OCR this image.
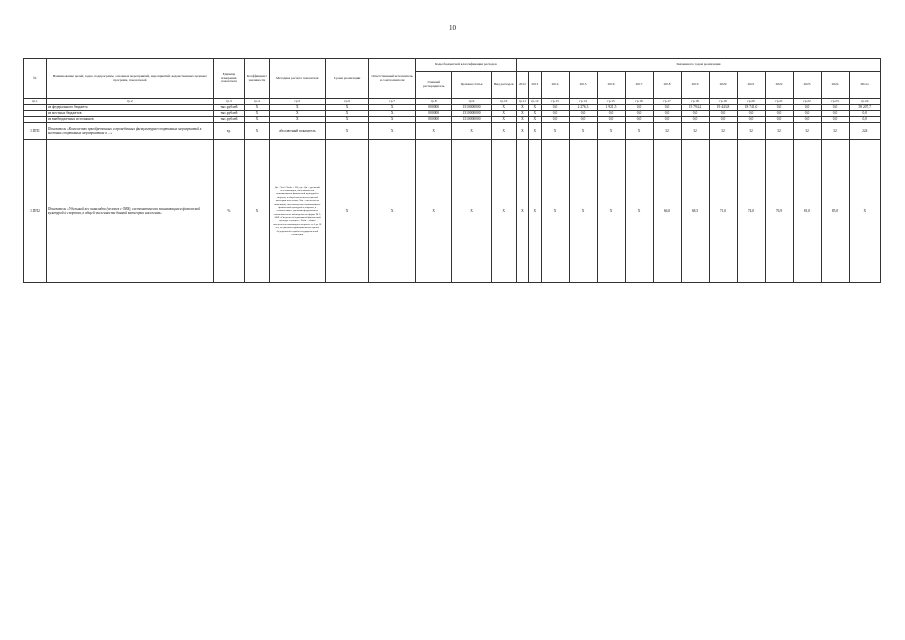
10
№	Наименование целей, задач, подпрограмм, основных мероприятий, мероприятий, ведомственных целевых программ, показателей	Единица измерения показателя	Коэффициент значимости	Методика расчета показателя	Сроки реализации	Ответственный исполнитель и соисполнители	Коды бюджетной классификации расходов			Значения по годам реализации													
							Главный распорядитель	Целевая статья	Вид расходов	2012	2013	2014	2015	2016	2017	2018	2019	2020	2021	2022	2023	2024	Итого
гр.1	гр.2	гр.3	гр.4	гр.5	гр.6	гр.7	гр.8	гр.9	гр.10	гр.11	гр.12	гр.13	гр.14	гр.15	гр.16	гр.17	гр.18	гр.19	гр.20	гр.21	гр.22	гр.23	гр.24
	из федерального бюджета	тыс.рублей	Х	Х	Х	Х	000000	1510000000	Х	Х	Х	0,0	2 276,3	1 921,5	0,0	0,0	15 794,2	19 443,8	18 741,0	0,0	0,0	0,0	58 207,7
	из местных бюджетов	тыс.рублей	Х	Х	Х	Х	000000	1510000000	Х	Х	Х	0,0	0,0	0,0	0,0	0,0	0,0	0,0	0,0	0,0	0,0	0,0	0,0
	из внебюджетных источников	тыс.рублей	Х	Х	Х	Х	000000	1510000000	Х	Х	Х	0,0	0,0	0,0	0,0	0,0	0,0	0,0	0,0	0,0	0,0	0,0	0,0
1.ПП1	Показатель «Количество приобретенных и проведенных физкультурно-спортивных мероприятий в местных спортивных мероприятиях в ...»	ед.	Х	абсолютный показатель	Х	Х	Х	Х	Х	Х	Х	Х	Х	Х	Х	32	32	32	32	32	32	32	224
1.ПП2	Показатель «Удельный вес инвалидов (человек с ОВЗ), систематически занимающихся физической культурой и спортом, в общей численности данной категории населения»	%	Х	Ди = Чзи / Чоби × 100, где: Ди – удельный вес инвалидов, систематически занимающихся физической культурой и спортом, в общей численности данной категории населения; Чзи – численность инвалидов, систематически занимающихся физической культурой и спортом, в соответствии с данными федерального статистического наблюдения по форме № 3-АФК «Сведения об адаптивной физической культуре и спорте»; Чоби – общая численность инвалидов в возрасте от 6 до 18 лет, по данным территориального органа Федеральной службы государственной статистики	Х	Х	Х	Х	Х	Х	Х	Х	Х	Х	Х	66,0	68,5	71,0	74,0	76,9	81,0	85,0	Х
